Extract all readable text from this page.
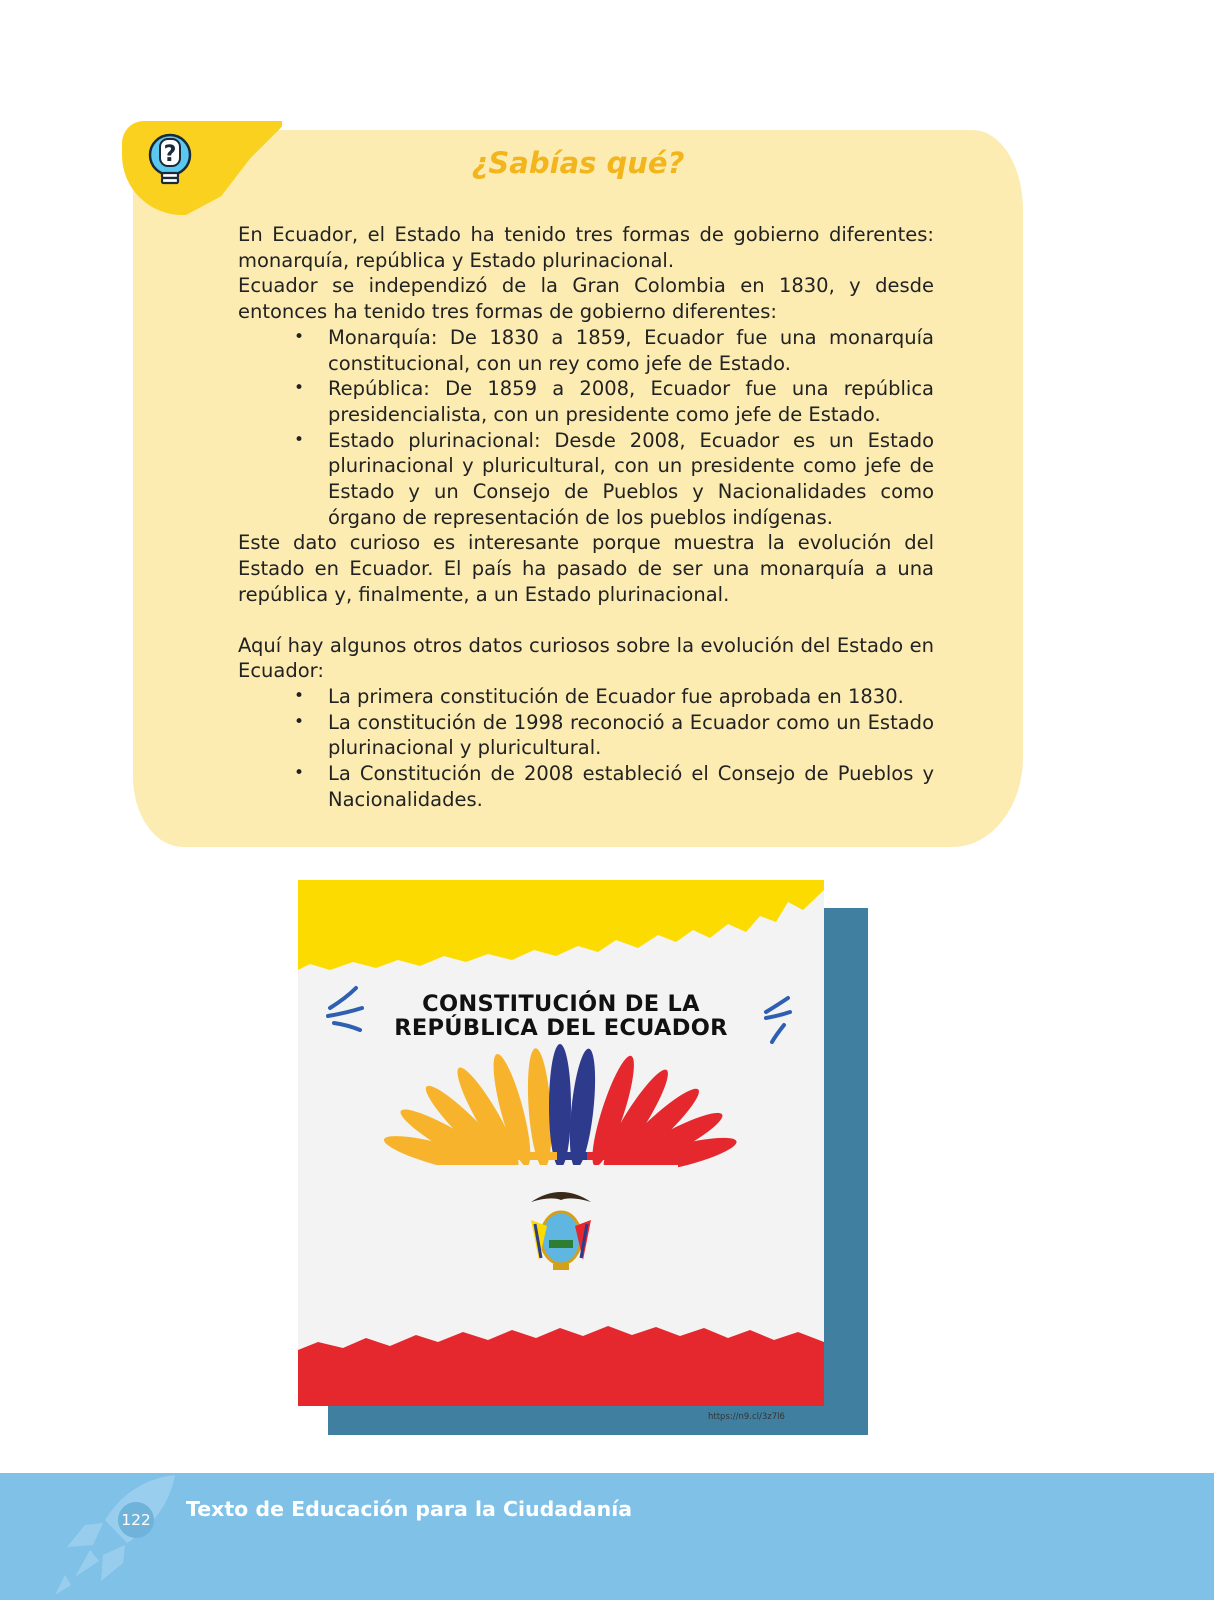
?	¿Sabías qué?

En Ecuador, el Estado ha tenido tres formas de gobierno diferentes: monarquía, república y Estado plurinacional.

Ecuador se independizó de la Gran Colombia en 1830, y desde entonces ha tenido tres formas de gobierno diferentes:

• Monarquía: De 1830 a 1859, Ecuador fue una monarquía constitucional, con un rey como jefe de Estado.
• República: De 1859 a 2008, Ecuador fue una república presidencialista, con un presidente como jefe de Estado.
• Estado plurinacional: Desde 2008, Ecuador es un Estado plurinacional y pluricultural, con un presidente como jefe de Estado y un Consejo de Pueblos y Nacionalidades como órgano de representación de los pueblos indígenas.

Este dato curioso es interesante porque muestra la evolución del Estado en Ecuador. El país ha pasado de ser una monarquía a una república y, finalmente, a un Estado plurinacional.

Aquí hay algunos otros datos curiosos sobre la evolución del Estado en Ecuador:

• La primera constitución de Ecuador fue aprobada en 1830.
• La constitución de 1998 reconoció a Ecuador como un Estado plurinacional y pluricultural.
• La Constitución de 2008 estableció el Consejo de Pueblos y Nacionalidades.
CONSTITUCIÓN DE LA
REPÚBLICA DEL ECUADOR
https://n9.cl/3z7l6
122 Texto de Educación para la Ciudadanía
